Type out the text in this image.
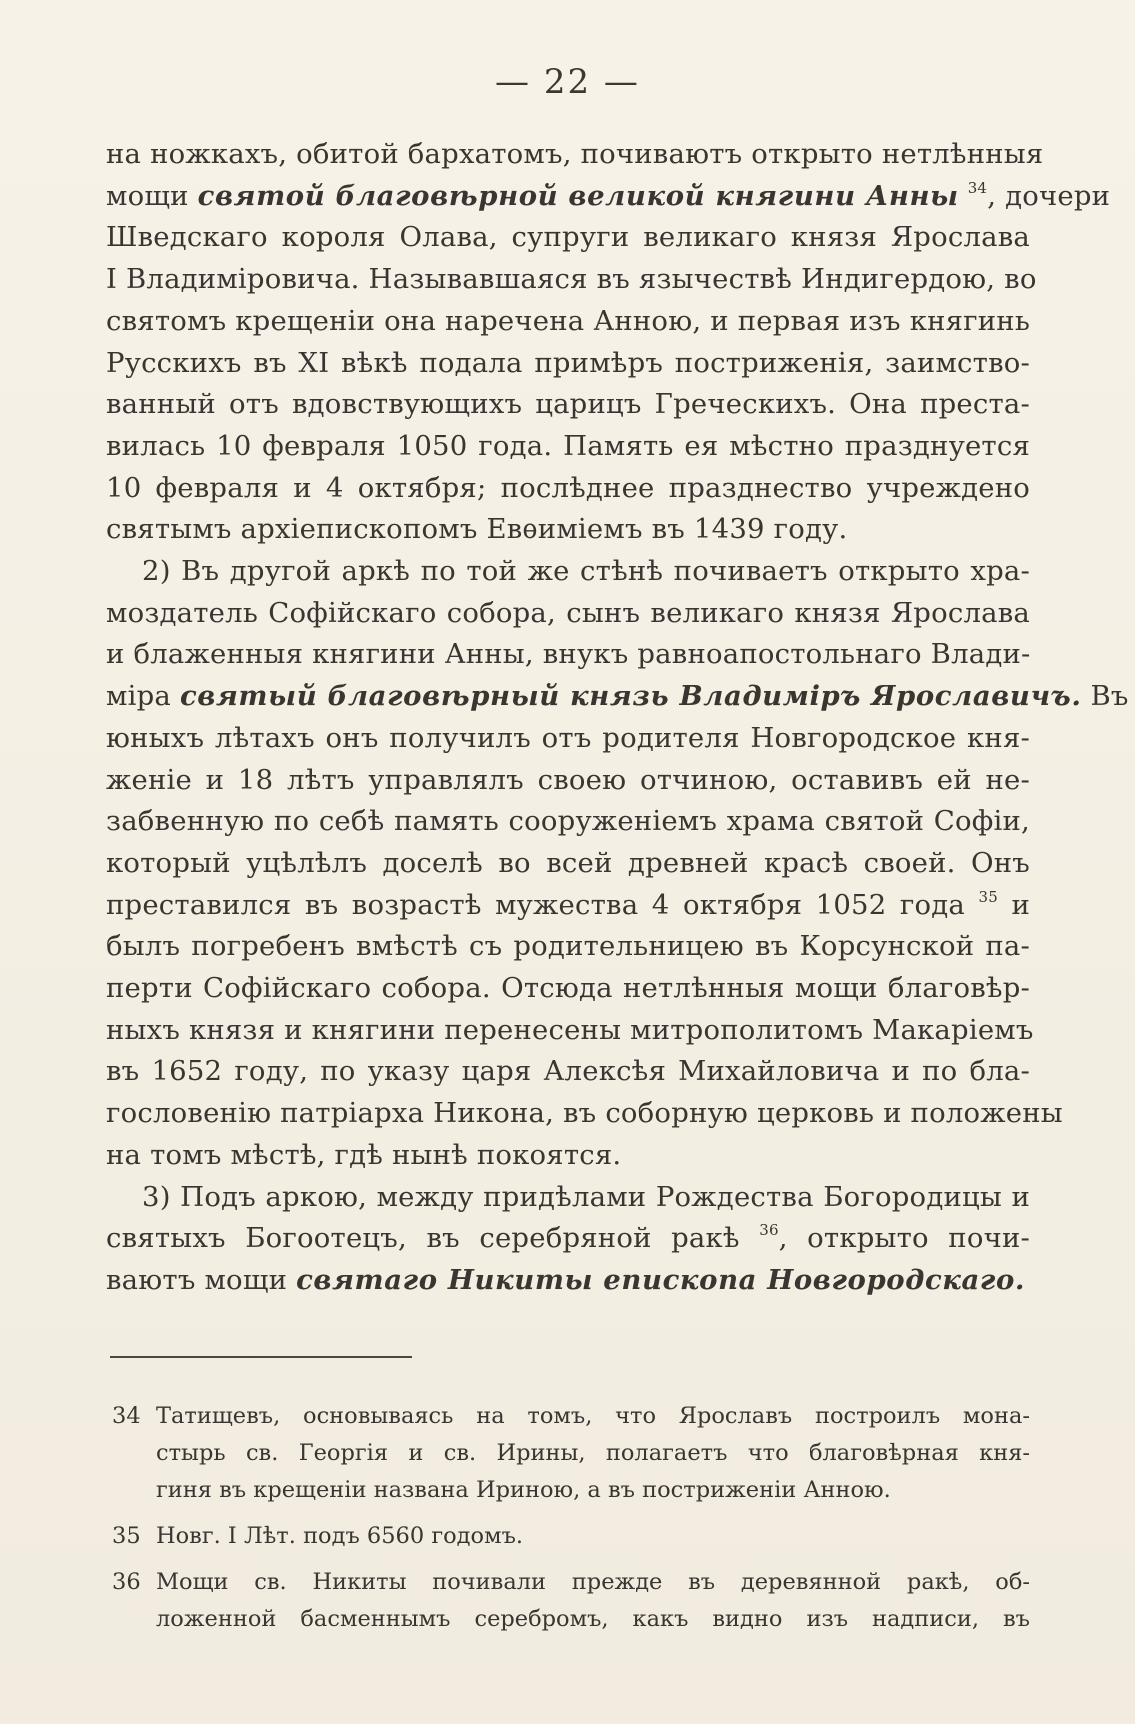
— 22 —

на ножкахъ, обитой бархатомъ, почиваютъ открыто нетлѣнныя
мощи святой благовѣрной великой княгини Анны $^{34}$, дочери
Шведскаго короля Олава, супруги великаго князя Ярослава
I Владиміровича. Называвшаяся въ язычествѣ Индигердою, во
святомъ крещеніи она наречена Анною, и первая изъ княгинь
Русскихъ въ XI вѣкѣ подала примѣръ постриженія, заимство-
ванный отъ вдовствующихъ царицъ Греческихъ. Она преста-
вилась 10 февраля 1050 года. Память ея мѣстно празднуется
10 февраля и 4 октября; послѣднее празднество учреждено
святымъ архіепископомъ Евѳиміемъ въ 1439 году.

2) Въ другой аркѣ по той же стѣнѣ почиваетъ открыто хра-
моздатель Софійскаго собора, сынъ великаго князя Ярослава
и блаженныя княгини Анны, внукъ равноапостольнаго Влади-
міра святый благовѣрный князь Владиміръ Ярославичъ. Въ
юныхъ лѣтахъ онъ получилъ отъ родителя Новгородское кня-
женіе и 18 лѣтъ управлялъ своею отчиною, оставивъ ей не-
забвенную по себѣ память сооруженіемъ храма святой Софіи,
который уцѣлѣлъ доселѣ во всей древней красѣ своей. Онъ
преставился въ возрастѣ мужества 4 октября 1052 года $^{35}$ и
былъ погребенъ вмѣстѣ съ родительницею въ Корсунской па-
перти Софійскаго собора. Отсюда нетлѣнныя мощи благовѣр-
ныхъ князя и княгини перенесены митрополитомъ Макаріемъ
въ 1652 году, по указу царя Алексѣя Михайловича и по бла-
гословенію патріарха Никона, въ соборную церковь и положены
на томъ мѣстѣ, гдѣ нынѣ покоятся.

3) Подъ аркою, между придѣлами Рождества Богородицы и
святыхъ Богоотецъ, въ серебряной ракѣ $^{36}$, открыто почи-
ваютъ мощи святаго Никиты епископа Новгородскаго.

34 Татищевъ, основываясь на томъ, что Ярославъ построилъ мона-
стырь св. Георгія и св. Ирины, полагаетъ что благовѣрная кня-
гиня въ крещеніи названа Ириною, а въ постриженіи Анною.
35 Новг. I Лѣт. подъ 6560 годомъ.
36 Мощи св. Никиты почивали прежде въ деревянной ракѣ, об-
ложенной басменнымъ серебромъ, какъ видно изъ надписи, въ
